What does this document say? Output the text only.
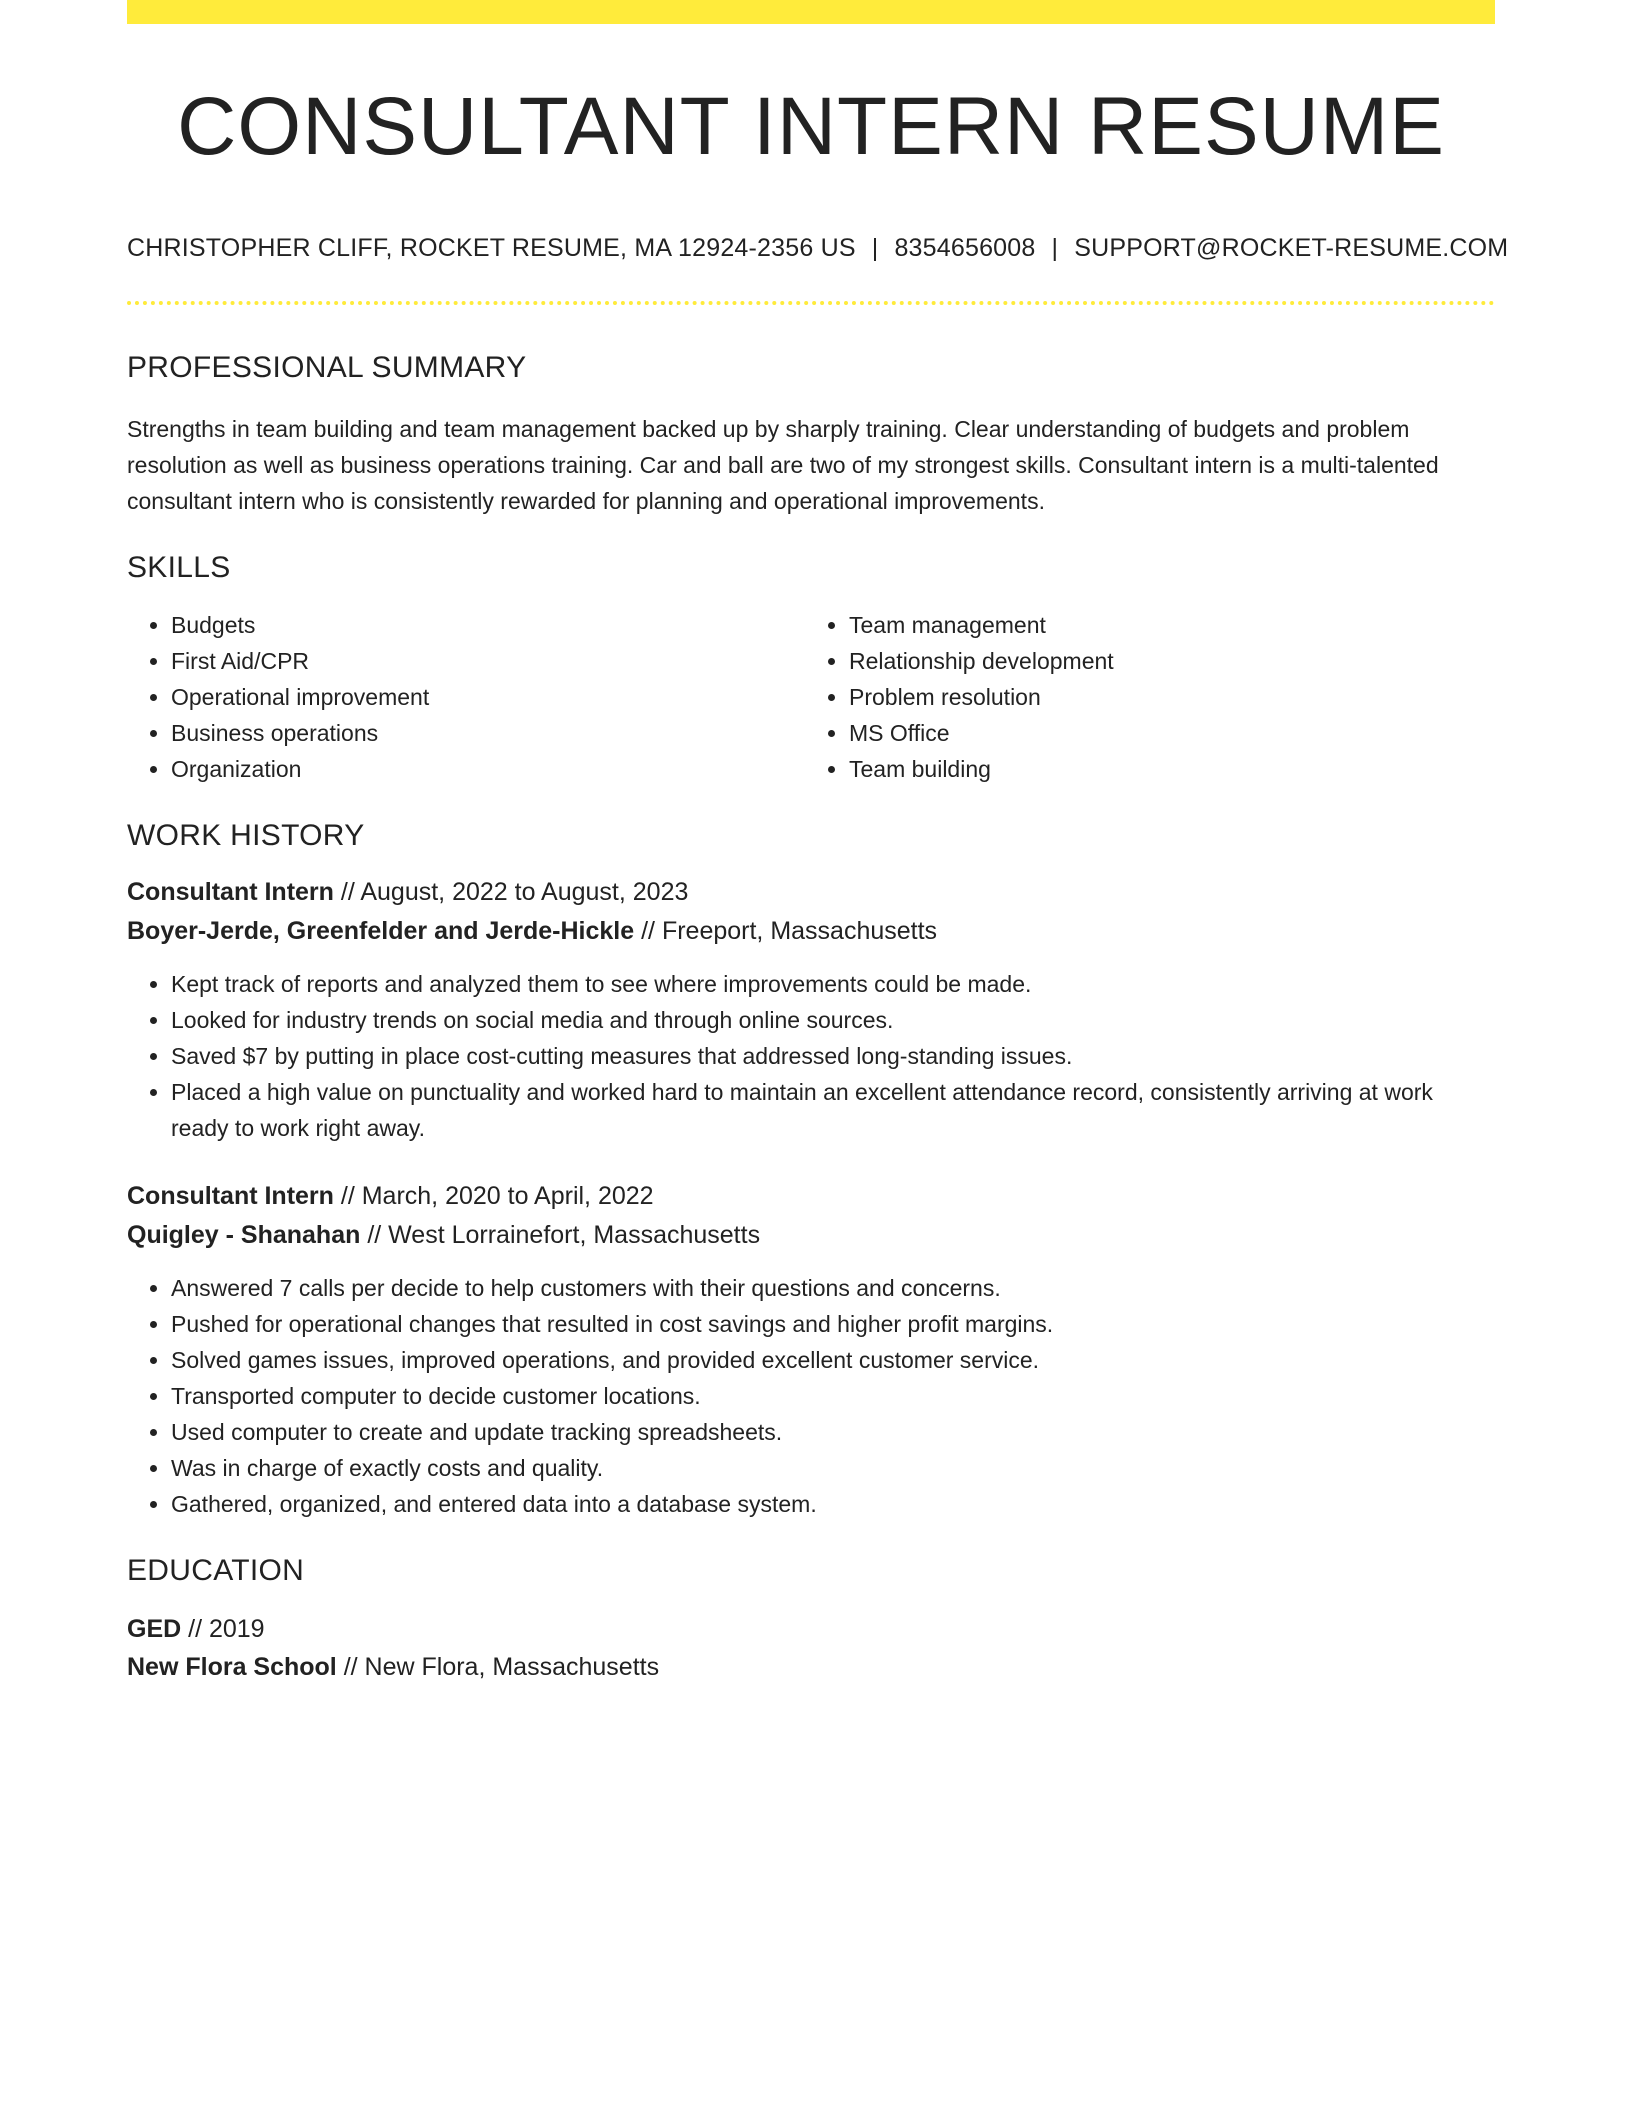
CONSULTANT INTERN RESUME
CHRISTOPHER CLIFF, ROCKET RESUME, MA 12924-2356 US | 8354656008 | SUPPORT@ROCKET-RESUME.COM
PROFESSIONAL SUMMARY
Strengths in team building and team management backed up by sharply training. Clear understanding of budgets and problem resolution as well as business operations training. Car and ball are two of my strongest skills. Consultant intern is a multi-talented consultant intern who is consistently rewarded for planning and operational improvements.
SKILLS
• Budgets
• First Aid/CPR
• Operational improvement
• Business operations
• Organization
• Team management
• Relationship development
• Problem resolution
• MS Office
• Team building
WORK HISTORY
Consultant Intern // August, 2022 to August, 2023
Boyer-Jerde, Greenfelder and Jerde-Hickle // Freeport, Massachusetts
• Kept track of reports and analyzed them to see where improvements could be made.
• Looked for industry trends on social media and through online sources.
• Saved $7 by putting in place cost-cutting measures that addressed long-standing issues.
• Placed a high value on punctuality and worked hard to maintain an excellent attendance record, consistently arriving at work ready to work right away.
Consultant Intern // March, 2020 to April, 2022
Quigley - Shanahan // West Lorrainefort, Massachusetts
• Answered 7 calls per decide to help customers with their questions and concerns.
• Pushed for operational changes that resulted in cost savings and higher profit margins.
• Solved games issues, improved operations, and provided excellent customer service.
• Transported computer to decide customer locations.
• Used computer to create and update tracking spreadsheets.
• Was in charge of exactly costs and quality.
• Gathered, organized, and entered data into a database system.
EDUCATION
GED // 2019
New Flora School // New Flora, Massachusetts
